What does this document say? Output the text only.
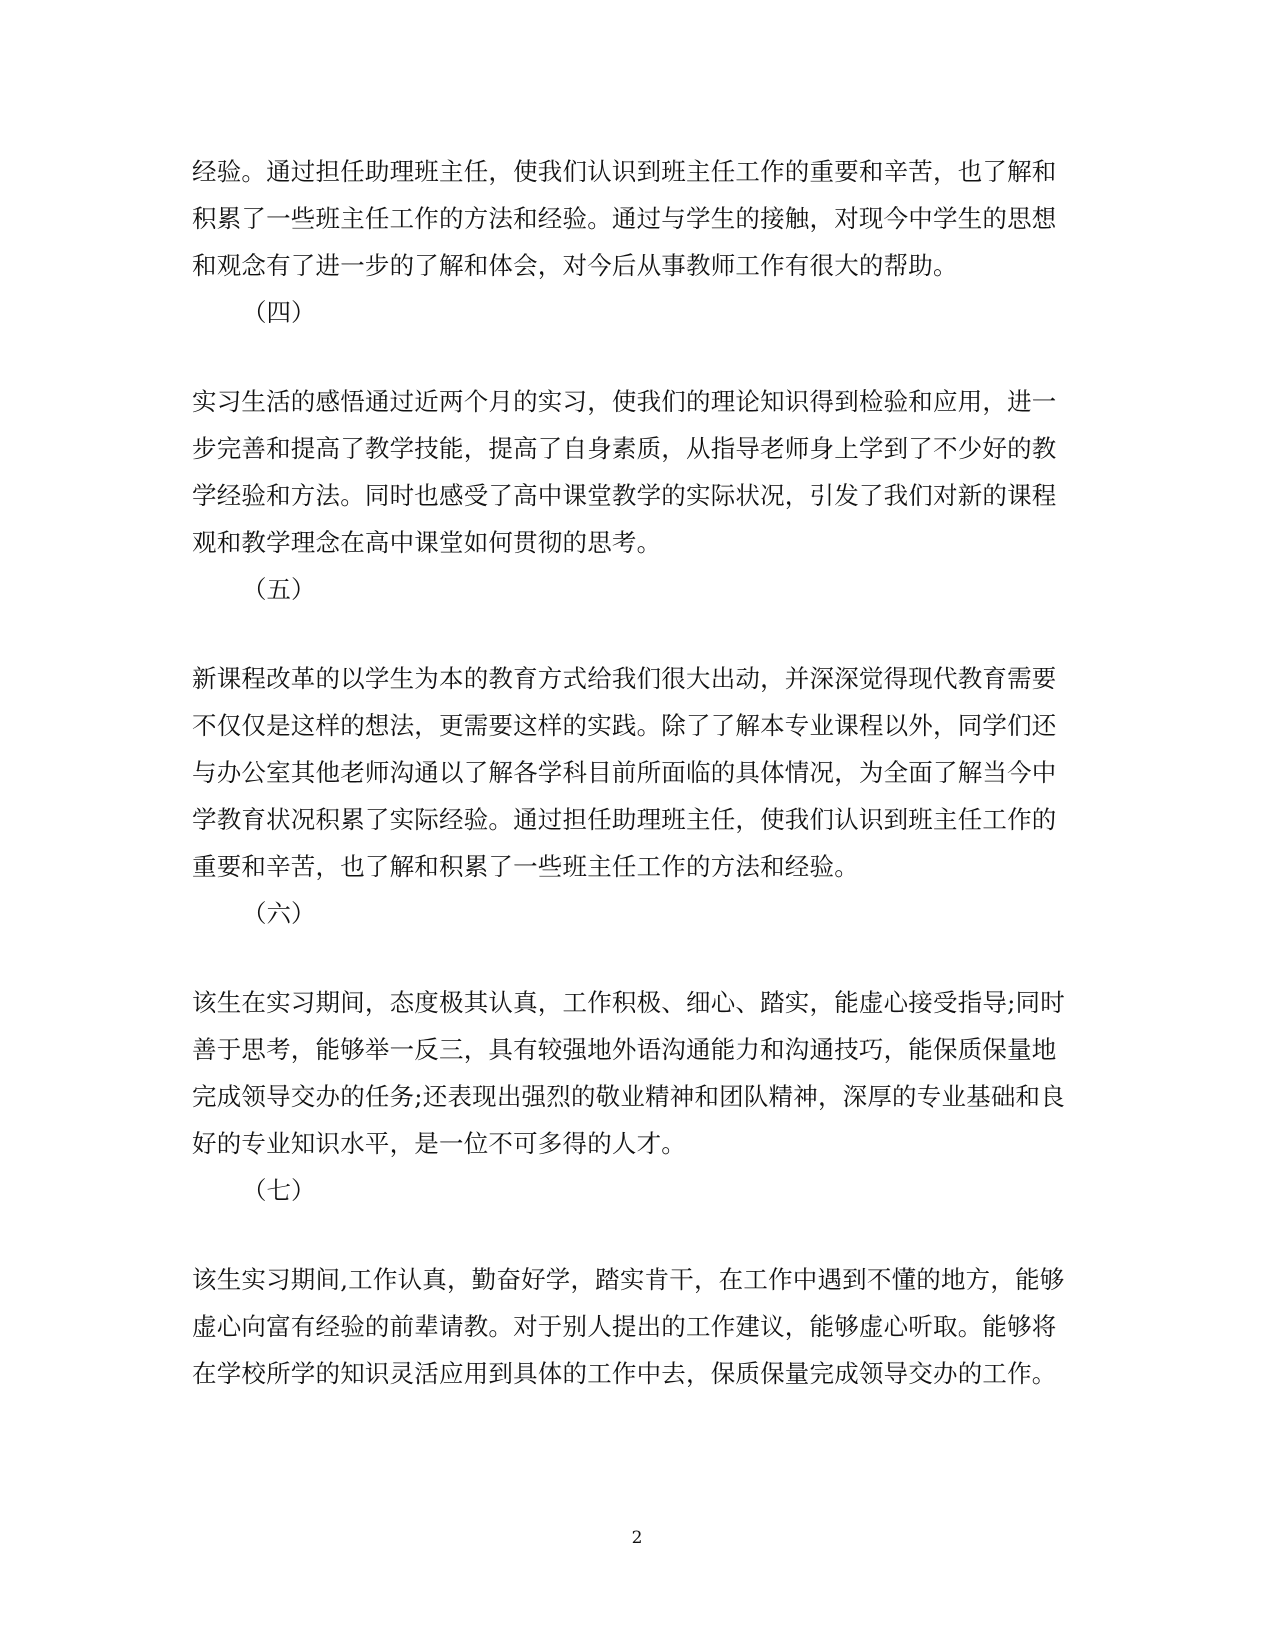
经验。通过担任助理班主任，使我们认识到班主任工作的重要和辛苦，也了解和
积累了一些班主任工作的方法和经验。通过与学生的接触，对现今中学生的思想
和观念有了进一步的了解和体会，对今后从事教师工作有很大的帮助。
（四）
实习生活的感悟通过近两个月的实习，使我们的理论知识得到检验和应用，进一
步完善和提高了教学技能，提高了自身素质，从指导老师身上学到了不少好的教
学经验和方法。同时也感受了高中课堂教学的实际状况，引发了我们对新的课程
观和教学理念在高中课堂如何贯彻的思考。
（五）
新课程改革的以学生为本的教育方式给我们很大出动，并深深觉得现代教育需要
不仅仅是这样的想法，更需要这样的实践。除了了解本专业课程以外，同学们还
与办公室其他老师沟通以了解各学科目前所面临的具体情况，为全面了解当今中
学教育状况积累了实际经验。通过担任助理班主任，使我们认识到班主任工作的
重要和辛苦，也了解和积累了一些班主任工作的方法和经验。
（六）
该生在实习期间，态度极其认真，工作积极、细心、踏实，能虚心接受指导;同时
善于思考，能够举一反三，具有较强地外语沟通能力和沟通技巧，能保质保量地
完成领导交办的任务;还表现出强烈的敬业精神和团队精神，深厚的专业基础和良
好的专业知识水平，是一位不可多得的人才。
（七）
该生实习期间,工作认真，勤奋好学，踏实肯干，在工作中遇到不懂的地方，能够
虚心向富有经验的前辈请教。对于别人提出的工作建议，能够虚心听取。能够将
在学校所学的知识灵活应用到具体的工作中去，保质保量完成领导交办的工作。
2
